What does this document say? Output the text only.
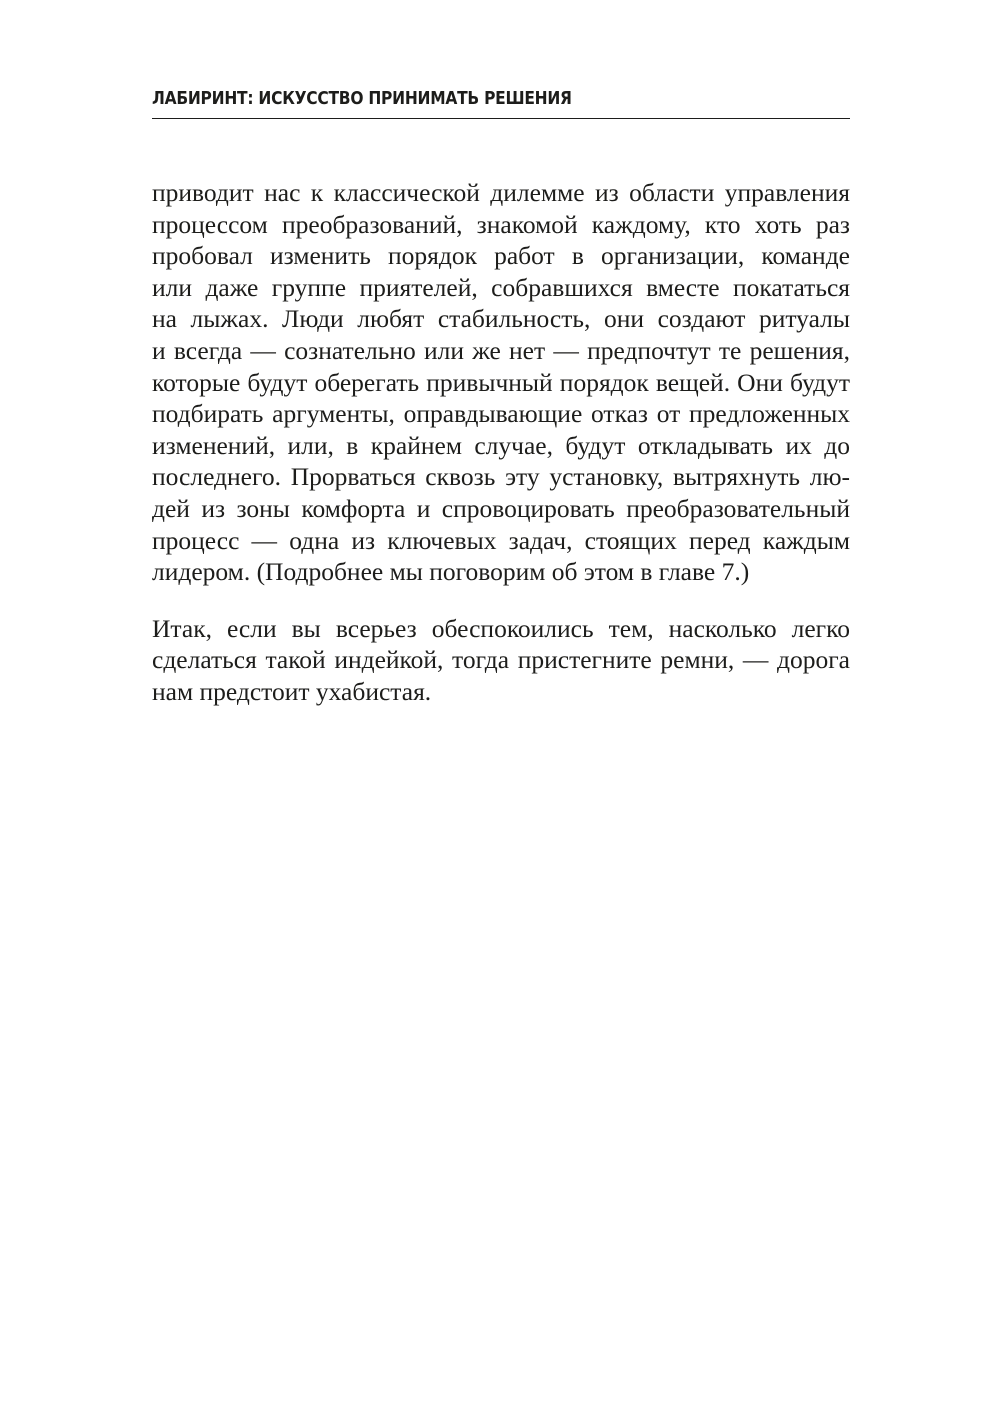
ЛАБИРИНТ: ИСКУССТВО ПРИНИМАТЬ РЕШЕНИЯ

приводит нас к классической дилемме из области управления
процессом преобразований, знакомой каждому, кто хоть раз
пробовал изменить порядок работ в организации, команде
или даже группе приятелей, собравшихся вместе покататься
на лыжах. Люди любят стабильность, они создают ритуалы
и всегда — сознательно или же нет — предпочтут те решения,
которые будут оберегать привычный порядок вещей. Они будут
подбирать аргументы, оправдывающие отказ от предложенных
изменений, или, в крайнем случае, будут откладывать их до
последнего. Прорваться сквозь эту установку, вытряхнуть лю-
дей из зоны комфорта и спровоцировать преобразовательный
процесс — одна из ключевых задач, стоящих перед каждым
лидером. (Подробнее мы поговорим об этом в главе 7.)

Итак, если вы всерьез обеспокоились тем, насколько легко
сделаться такой индейкой, тогда пристегните ремни, — дорога
нам предстоит ухабистая.
